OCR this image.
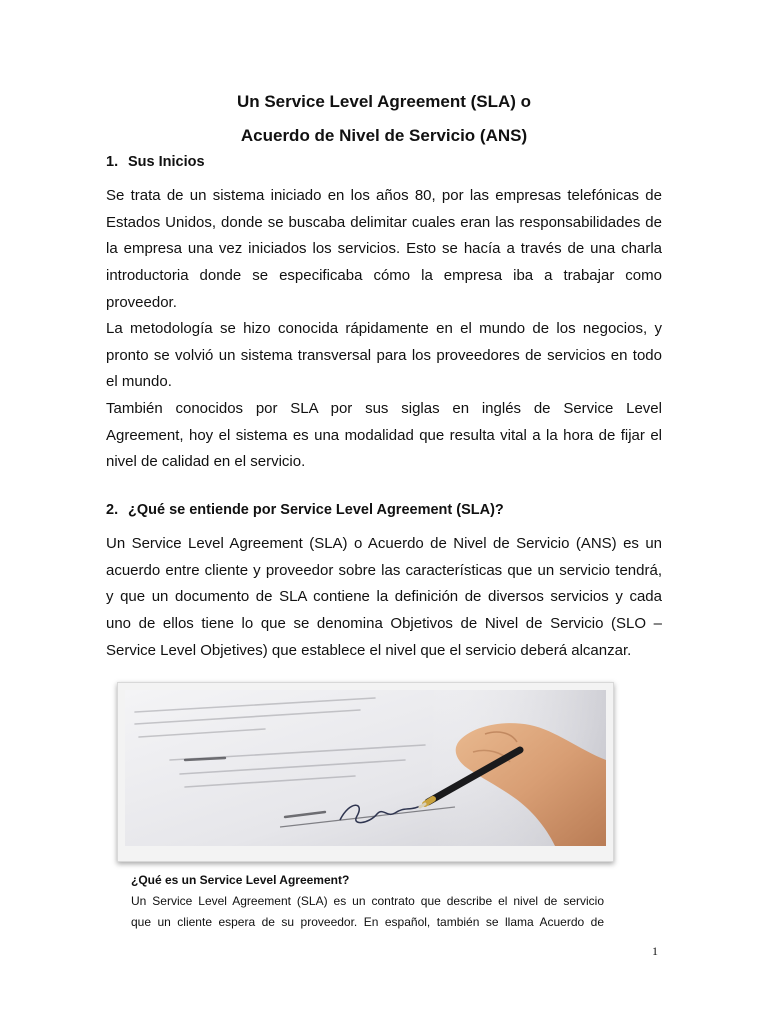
Un Service Level Agreement (SLA) o
Acuerdo de Nivel de Servicio (ANS)
1. Sus Inicios
Se trata de un sistema iniciado en los años 80, por las empresas telefónicas de
Estados Unidos, donde se buscaba delimitar cuales eran las responsabilidades de
la empresa una vez iniciados los servicios. Esto se hacía a través de una charla
introductoria donde se especificaba cómo la empresa iba a trabajar como
proveedor.
La metodología se hizo conocida rápidamente en el mundo de los negocios, y
pronto se volvió un sistema transversal para los proveedores de servicios en todo
el mundo.
También conocidos por SLA por sus siglas en inglés de Service Level
Agreement, hoy el sistema es una modalidad que resulta vital a la hora de fijar el
nivel de calidad en el servicio.
2. ¿Qué se entiende por Service Level Agreement (SLA)?
Un Service Level Agreement (SLA) o Acuerdo de Nivel de Servicio (ANS) es un
acuerdo entre cliente y proveedor sobre las características que un servicio tendrá,
y que un documento de SLA contiene la definición de diversos servicios y cada
uno de ellos tiene lo que se denomina Objetivos de Nivel de Servicio (SLO –
Service Level Objetives) que establece el nivel que el servicio deberá alcanzar.
¿Qué es un Service Level Agreement?
Un Service Level Agreement (SLA) es un contrato que describe el nivel de servicio
que un cliente espera de su proveedor. En español, también se llama Acuerdo de
1
